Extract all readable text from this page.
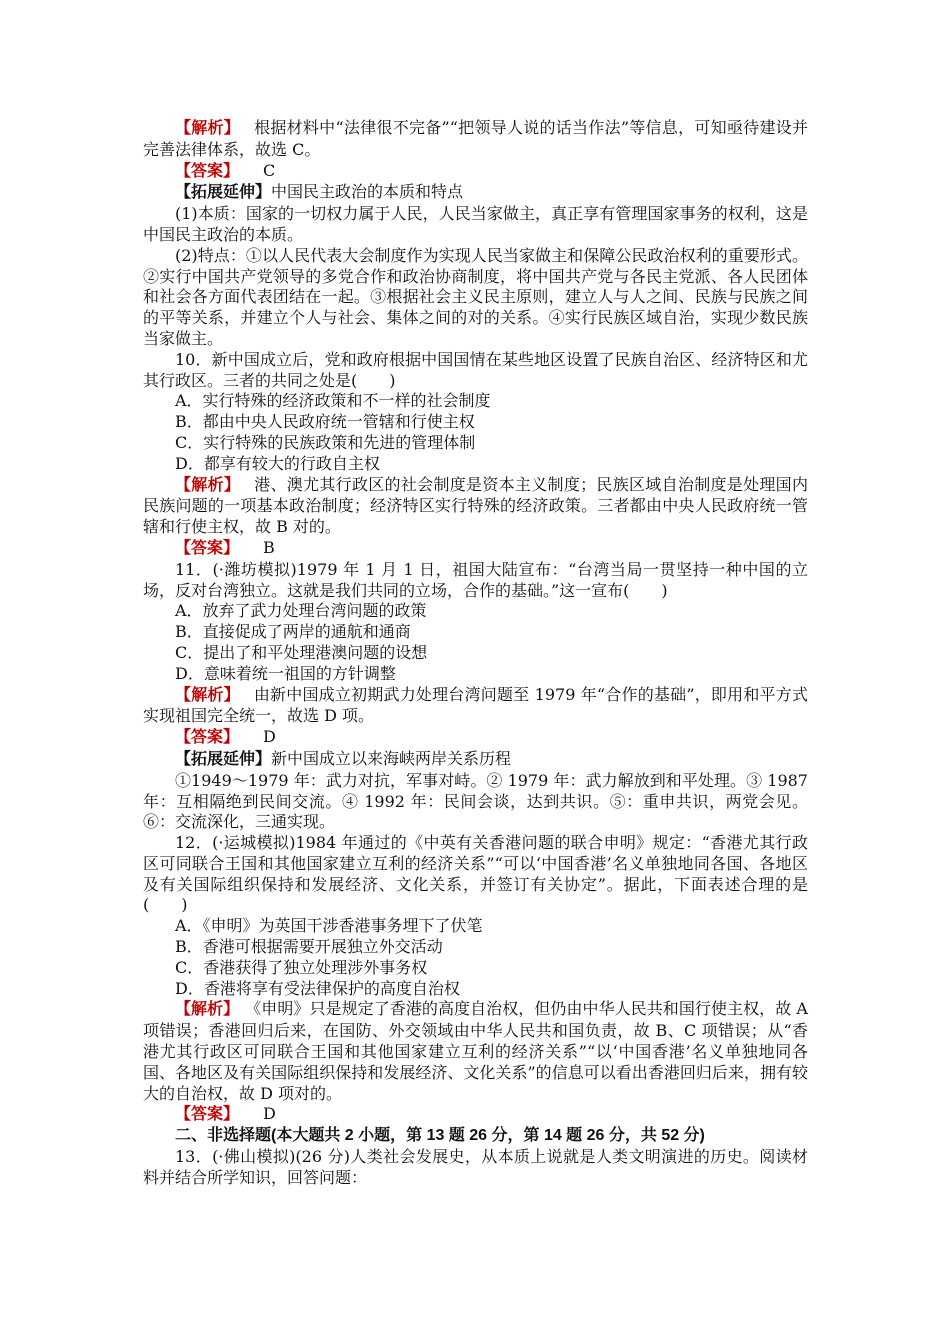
【解析】 根据材料中“法律很不完备”“把领导人说的话当作法”等信息，可知亟待建设并完善法律体系，故选 C。

【答案】 C

【拓展延伸】中国民主政治的本质和特点

(1)本质：国家的一切权力属于人民，人民当家做主，真正享有管理国家事务的权利，这是中国民主政治的本质。

(2)特点：①以人民代表大会制度作为实现人民当家做主和保障公民政治权利的重要形式。②实行中国共产党领导的多党合作和政治协商制度，将中国共产党与各民主党派、各人民团体和社会各方面代表团结在一起。③根据社会主义民主原则，建立人与人之间、民族与民族之间的平等关系，并建立个人与社会、集体之间的对的关系。④实行民族区域自治，实现少数民族当家做主。

10．新中国成立后，党和政府根据中国国情在某些地区设置了民族自治区、经济特区和尤其行政区。三者的共同之处是(　　)

A．实行特殊的经济政策和不一样的社会制度

B．都由中央人民政府统一管辖和行使主权

C．实行特殊的民族政策和先进的管理体制

D．都享有较大的行政自主权

【解析】 港、澳尤其行政区的社会制度是资本主义制度；民族区域自治制度是处理国内民族问题的一项基本政治制度；经济特区实行特殊的经济政策。三者都由中央人民政府统一管辖和行使主权，故 B 对的。

【答案】 B

11．(·潍坊模拟)1979 年 1 月 1 日，祖国大陆宣布：“台湾当局一贯坚持一种中国的立场，反对台湾独立。这就是我们共同的立场，合作的基础。”这一宣布(　　)

A．放弃了武力处理台湾问题的政策

B．直接促成了两岸的通航和通商

C．提出了和平处理港澳问题的设想

D．意味着统一祖国的方针调整

【解析】 由新中国成立初期武力处理台湾问题至 1979 年“合作的基础”，即用和平方式实现祖国完全统一，故选 D 项。

【答案】 D

【拓展延伸】新中国成立以来海峡两岸关系历程

①1949～1979 年：武力对抗，军事对峙。② 1979 年：武力解放到和平处理。③ 1987 年：互相隔绝到民间交流。④ 1992 年：民间会谈，达到共识。⑤：重申共识，两党会见。⑥：交流深化，三通实现。

12．(·运城模拟)1984 年通过的《中英有关香港问题的联合申明》规定：“香港尤其行政区可同联合王国和其他国家建立互利的经济关系”“可以‘中国香港’名义单独地同各国、各地区及有关国际组织保持和发展经济、文化关系，并签订有关协定”。据此，下面表述合理的是(　　)

A．《申明》为英国干涉香港事务埋下了伏笔

B．香港可根据需要开展独立外交活动

C．香港获得了独立处理涉外事务权

D．香港将享有受法律保护的高度自治权

【解析】 《申明》只是规定了香港的高度自治权，但仍由中华人民共和国行使主权，故 A 项错误；香港回归后来，在国防、外交领域由中华人民共和国负责，故 B、C 项错误；从“香港尤其行政区可同联合王国和其他国家建立互利的经济关系”“以‘中国香港’名义单独地同各国、各地区及有关国际组织保持和发展经济、文化关系”的信息可以看出香港回归后来，拥有较大的自治权，故 D 项对的。

【答案】 D

二、非选择题(本大题共 2 小题，第 13 题 26 分，第 14 题 26 分，共 52 分)

13．(·佛山模拟)(26 分)人类社会发展史，从本质上说就是人类文明演进的历史。阅读材料并结合所学知识，回答问题：
